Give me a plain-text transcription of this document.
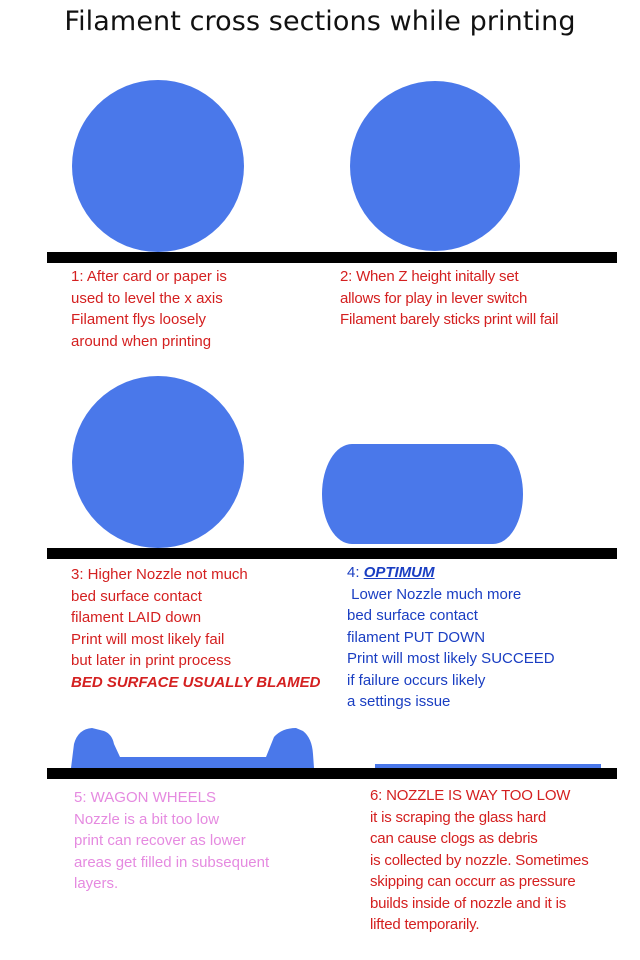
Filament cross sections while printing
1: After card or paper is
used to level the x axis
Filament flys loosely
around when printing
2: When Z height initally set
allows for play in lever switch
Filament barely sticks print will fail
3: Higher Nozzle not much
bed surface contact
filament LAID down
Print will most likely fail
but later in print process
BED SURFACE USUALLY BLAMED
4: OPTIMUM
Lower Nozzle much more
bed surface contact
filament PUT DOWN
Print will most likely SUCCEED
if failure occurs likely
a settings issue
5: WAGON WHEELS
Nozzle is a bit too low
print can recover as lower
areas get filled in subsequent
layers.
6: NOZZLE IS WAY TOO LOW
it is scraping the glass hard
can cause clogs as debris
is collected by nozzle. Sometimes
skipping can occurr as pressure
builds inside of nozzle and it is
lifted temporarily.
